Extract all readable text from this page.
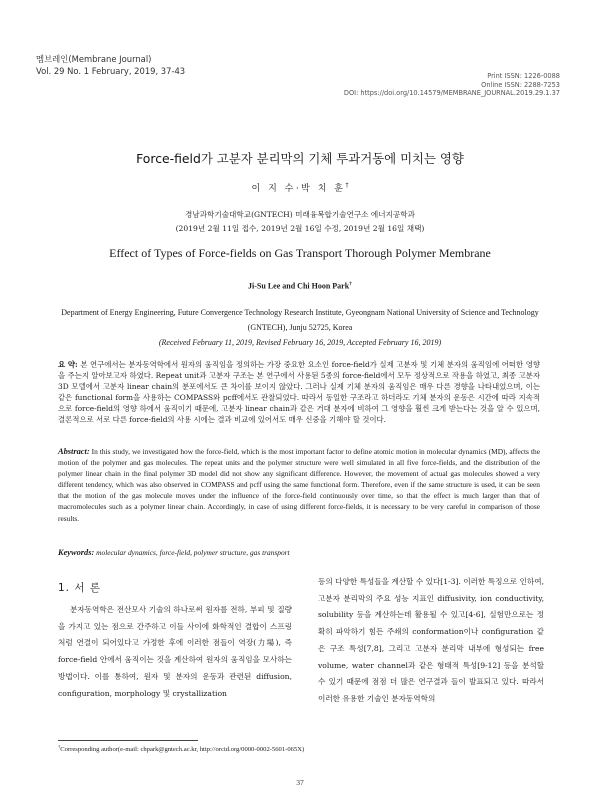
멤브레인(Membrane Journal)
Vol. 29 No. 1 February, 2019, 37-43
Print ISSN: 1226-0088
Online ISSN: 2288-7253
DOI: https://doi.org/10.14579/MEMBRANE_JOURNAL.2019.29.1.37
Force-field가 고분자 분리막의 기체 투과거동에 미치는 영향
이 지 수·박 치 훈†
경남과학기술대학교(GNTECH) 미래융복합기술연구소 에너지공학과
(2019년 2월 11일 접수, 2019년 2월 16일 수정, 2019년 2월 16일 채택)
Effect of Types of Force-fields on Gas Transport Thorough Polymer Membrane
Ji-Su Lee and Chi Hoon Park†
Department of Energy Engineering, Future Convergence Technology Research Institute, Gyeongnam National University of Science and Technology (GNTECH), Junju 52725, Korea
(Received February 11, 2019, Revised February 16, 2019, Accepted February 16, 2019)
요 약: 본 연구에서는 분자동역학에서 원자의 움직임을 정의하는 가장 중요한 요소인 force-field가 실제 고분자 및 기체 분자의 움직임에 어떠한 영향을 주는지 알아보고자 하였다. Repeat unit과 고분자 구조는 본 연구에서 사용된 5종의 force-field에서 모두 정상적으로 작용을 하였고, 최종 고분자 3D 모델에서 고분자 linear chain의 분포에서도 큰 차이를 보이지 않았다. 그러나 실제 기체 분자의 움직임은 매우 다른 경향을 나타내었으며, 이는 같은 functional form을 사용하는 COMPASS와 pcff에서도 관찰되었다. 따라서 동일한 구조라고 하더라도 기체 분자의 운동은 시간에 따라 지속적으로 force-field의 영향 하에서 움직이기 때문에, 고분자 linear chain과 같은 거대 분자에 비하여 그 영향을 훨씬 크게 받는다는 것을 알 수 있으며, 결론적으로 서로 다른 force-field의 사용 시에는 결과 비교에 있어서도 매우 신중을 기해야 할 것이다.
Abstract: In this study, we investigated how the force-field, which is the most important factor to define atomic motion in molecular dynamics (MD), affects the motion of the polymer and gas molecules. The repeat units and the polymer structure were well simulated in all five force-fields, and the distribution of the polymer linear chain in the final polymer 3D model did not show any significant difference. However, the movement of actual gas molecules showed a very different tendency, which was also observed in COMPASS and pcff using the same functional form. Therefore, even if the same structure is used, it can be seen that the motion of the gas molecule moves under the influence of the force-field continuously over time, so that the effect is much larger than that of macromolecules such as a polymer linear chain. Accordingly, in case of using different force-fields, it is necessary to be very careful in comparison of those results.
Keywords: molecular dynamics, force-field, polymer structure, gas transport
1. 서 론
분자동역학은 전산모사 기술의 하나로써 원자를 전하, 부피 및 질량을 가지고 있는 점으로 간주하고 이들 사이에 화학적인 결합이 스프링처럼 연결이 되어있다고 가정한 후에 이러한 점들이 역장(力場), 즉 force-field 안에서 움직이는 것을 계산하여 원자의 움직임을 모사하는 방법이다. 이를 통하여, 원자 및 분자의 운동과 관련된 diffusion, configuration, morphology 및 crystallization
등의 다양한 특성들을 계산할 수 있다[1-3]. 이러한 특징으로 인하여, 고분자 분리막의 주요 성능 지표인 diffusivity, ion conductivity, solubility 등을 계산하는데 활용될 수 있고[4-6], 실험만으로는 정확히 파악하기 힘든 주쇄의 conformation이나 configuration 같은 구조 특성[7,8], 그리고 고분자 분리막 내부에 형성되는 free volume, water channel과 같은 형태적 특성[9-12] 등을 분석할 수 있기 때문에 점점 더 많은 연구결과 들이 발표되고 있다. 따라서 이러한 유용한 기술인 분자동역학의
†Corresponding author(e-mail: chpark@gntech.ac.kr, http://orcid.org/0000-0002-5601-065X)
37
